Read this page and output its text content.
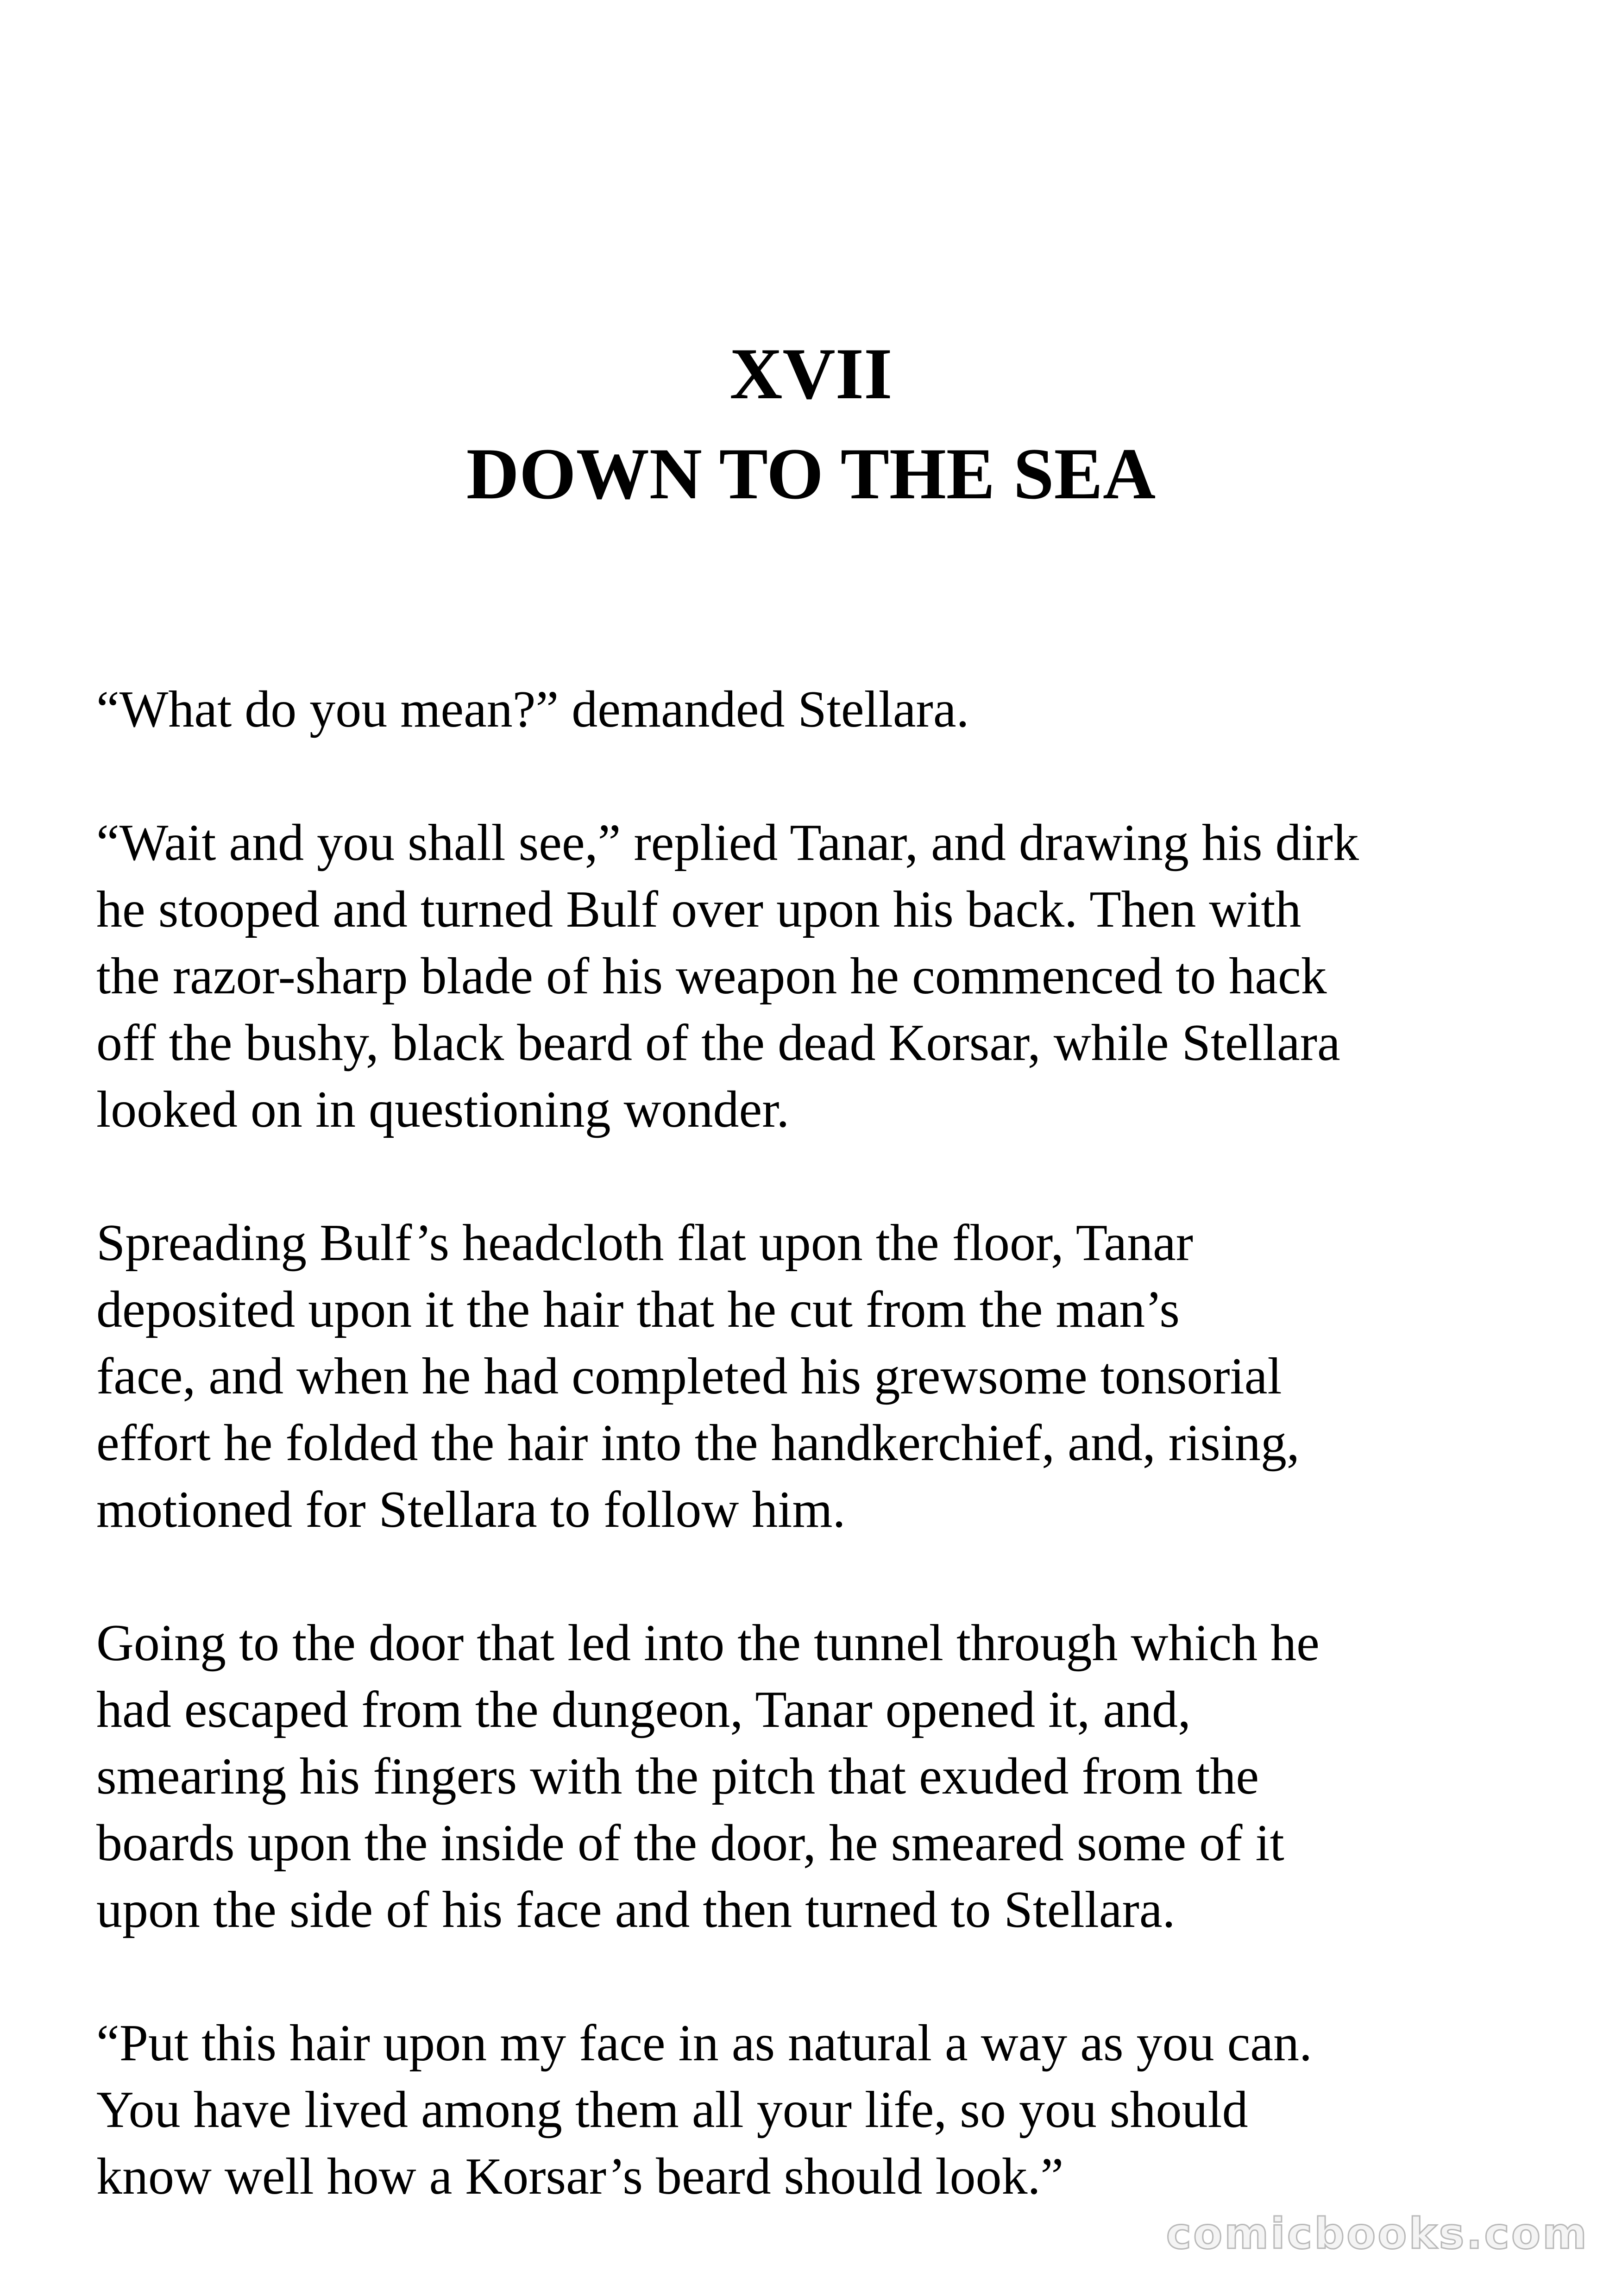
XVII
DOWN TO THE SEA

“What do you mean?” demanded Stellara.

“Wait and you shall see,” replied Tanar, and drawing his dirk
he stooped and turned Bulf over upon his back. Then with
the razor-sharp blade of his weapon he commenced to hack
off the bushy, black beard of the dead Korsar, while Stellara
looked on in questioning wonder.

Spreading Bulf’s headcloth flat upon the floor, Tanar
deposited upon it the hair that he cut from the man’s
face, and when he had completed his grewsome tonsorial
effort he folded the hair into the handkerchief, and, rising,
motioned for Stellara to follow him.

Going to the door that led into the tunnel through which he
had escaped from the dungeon, Tanar opened it, and,
smearing his fingers with the pitch that exuded from the
boards upon the inside of the door, he smeared some of it
upon the side of his face and then turned to Stellara.

“Put this hair upon my face in as natural a way as you can.
You have lived among them all your life, so you should
know well how a Korsar’s beard should look.”

comicbooks.com
